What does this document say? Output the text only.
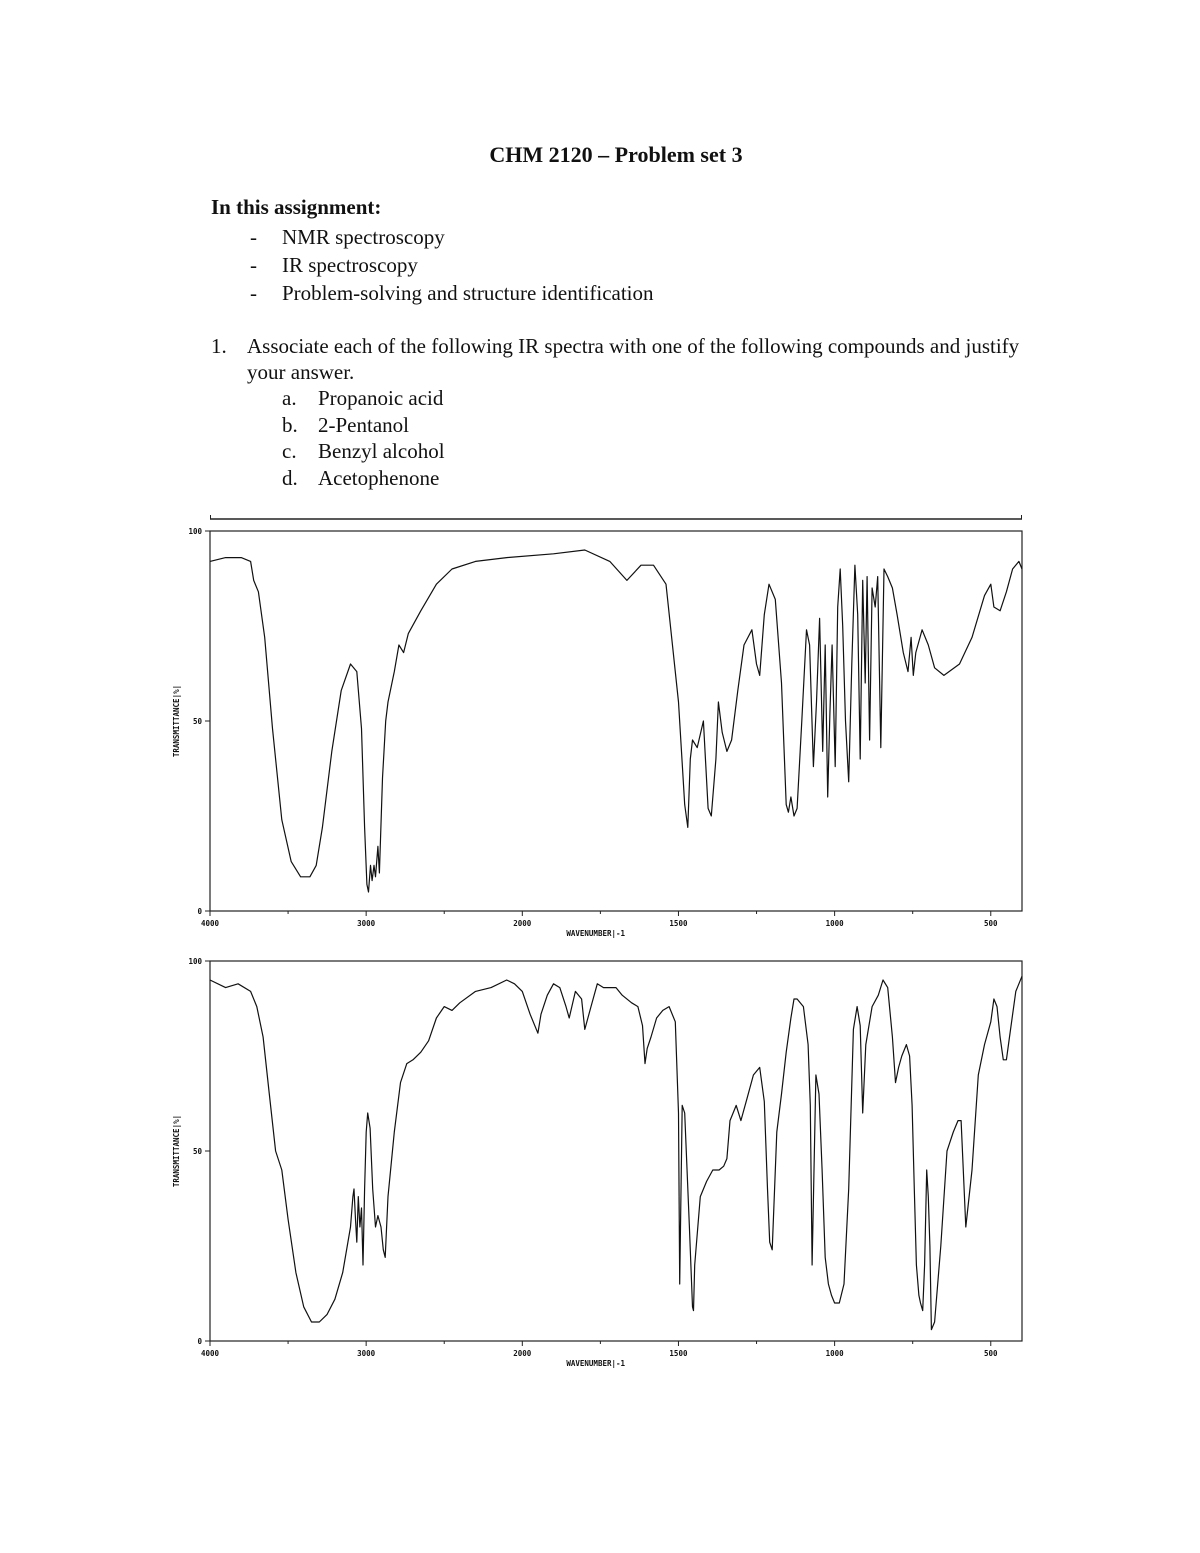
CHM 2120 – Problem set 3
In this assignment:
- NMR spectroscopy
- IR spectroscopy
- Problem-solving and structure identification
1. Associate each of the following IR spectra with one of the following compounds and justify your answer.
a. Propanoic acid
b. 2-Pentanol
c. Benzyl alcohol
d. Acetophenone
4000	3000	2000	1500	1000	500
0
50
100
WAVENUMBER|-1
TRANSMITTANCE|%|
4000	3000	2000	1500	1000	500
0
50
100
WAVENUMBER|-1
TRANSMITTANCE|%|
